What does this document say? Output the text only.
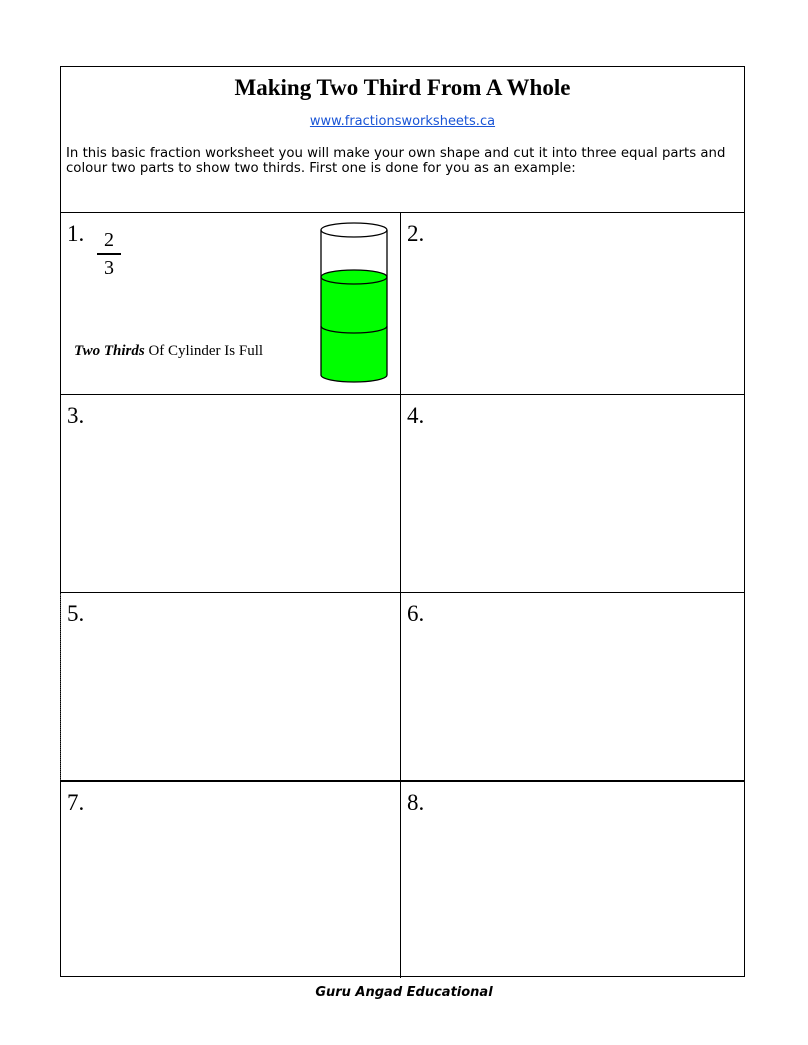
Making Two Third From A Whole
www.fractionsworksheets.ca
In this basic fraction worksheet you will make your own shape and cut it into three equal parts and colour two parts to show two thirds. First one is done for you as an example:
1. 2
3
Two Thirds Of Cylinder Is Full
2.
3.	4.
5.	6.
7.	8.
Guru Angad Educational
